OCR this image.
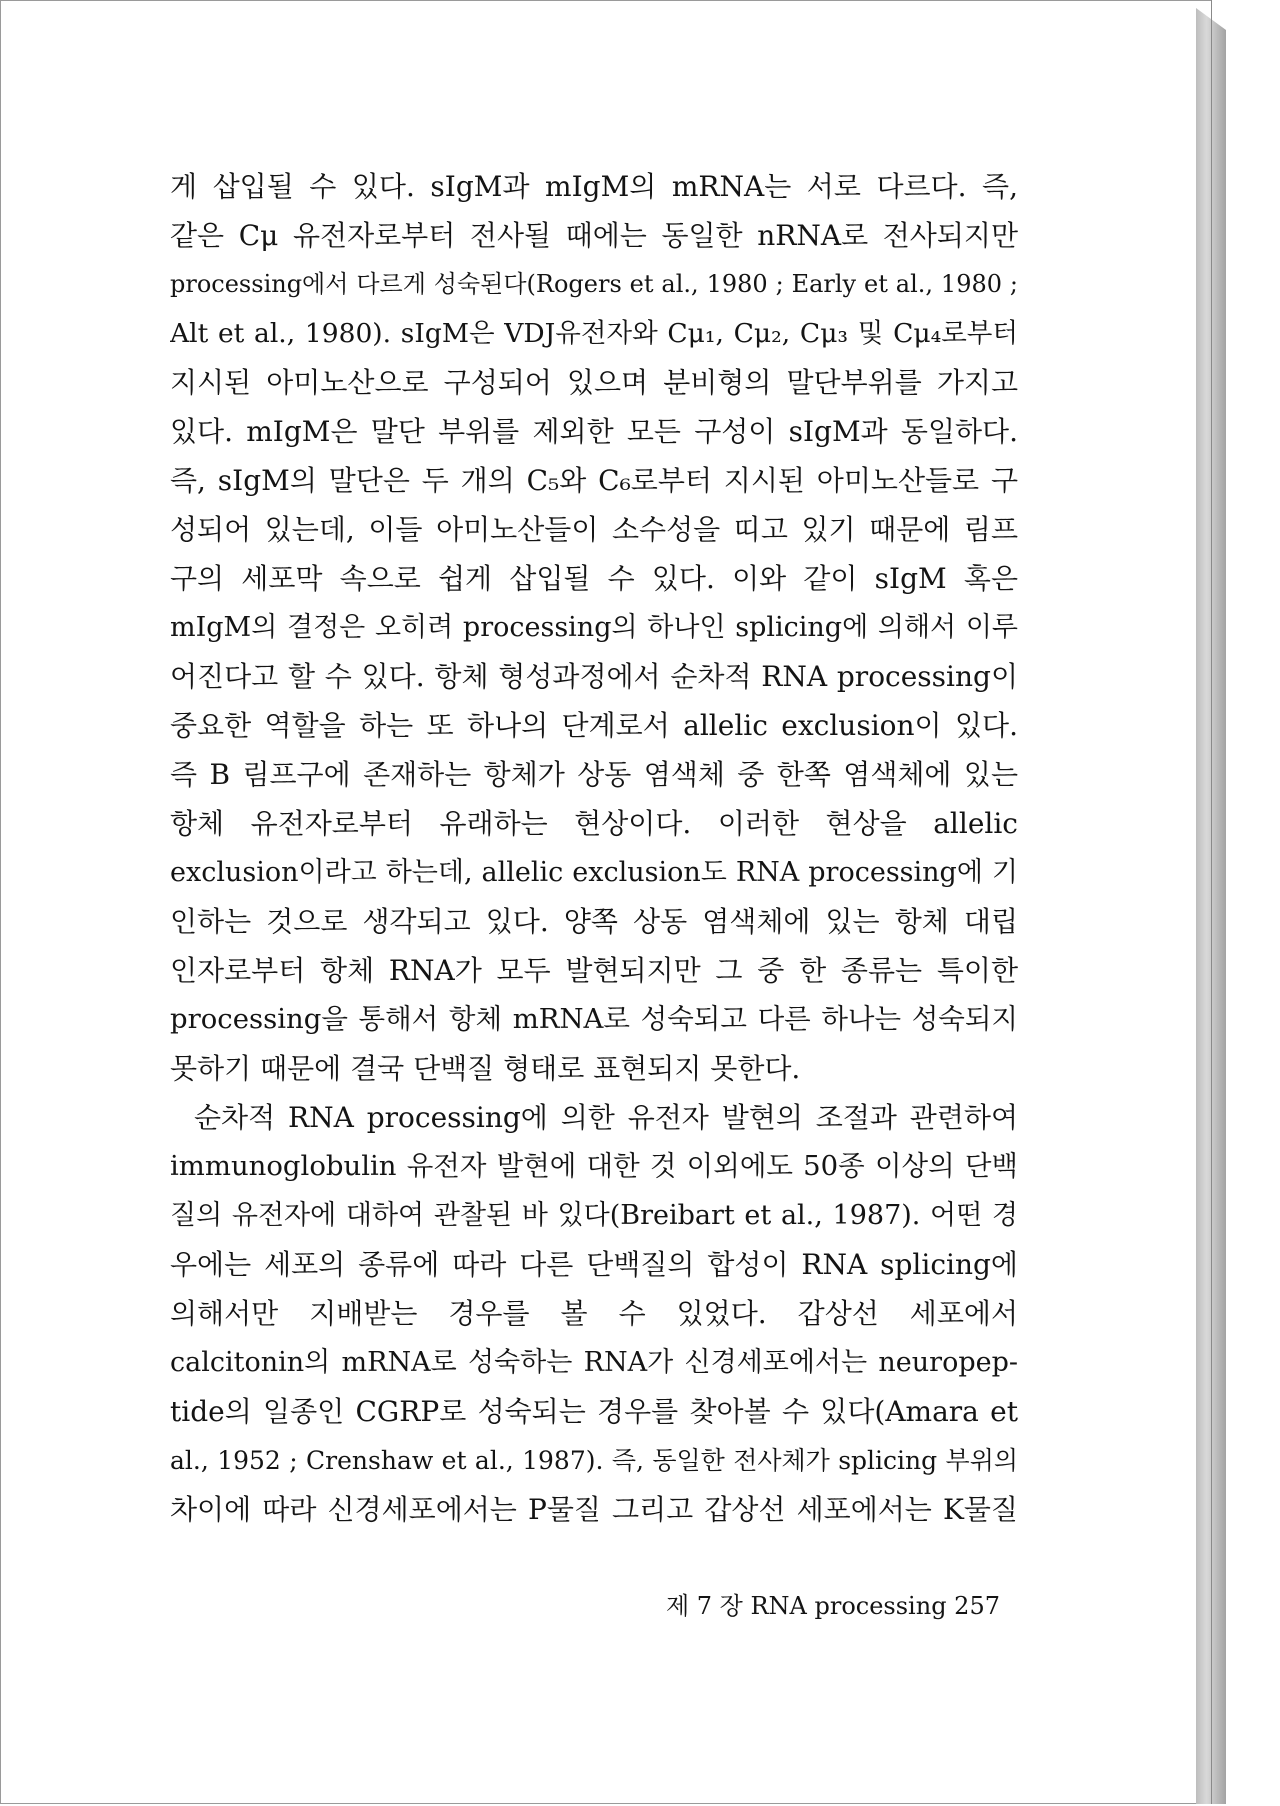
게 삽입될 수 있다. sIgM과 mIgM의 mRNA는 서로 다르다. 즉,
같은 Cμ 유전자로부터 전사될 때에는 동일한 nRNA로 전사되지만
processing에서 다르게 성숙된다(Rogers et al., 1980 ; Early et al., 1980 ;
Alt et al., 1980). sIgM은 VDJ유전자와 Cμ₁, Cμ₂, Cμ₃ 및 Cμ₄로부터
지시된 아미노산으로 구성되어 있으며 분비형의 말단부위를 가지고
있다. mIgM은 말단 부위를 제외한 모든 구성이 sIgM과 동일하다.
즉, sIgM의 말단은 두 개의 C₅와 C₆로부터 지시된 아미노산들로 구
성되어 있는데, 이들 아미노산들이 소수성을 띠고 있기 때문에 림프
구의 세포막 속으로 쉽게 삽입될 수 있다. 이와 같이 sIgM 혹은
mIgM의 결정은 오히려 processing의 하나인 splicing에 의해서 이루
어진다고 할 수 있다. 항체 형성과정에서 순차적 RNA processing이
중요한 역할을 하는 또 하나의 단계로서 allelic exclusion이 있다.
즉 B 림프구에 존재하는 항체가 상동 염색체 중 한쪽 염색체에 있는
항체 유전자로부터 유래하는 현상이다. 이러한 현상을 allelic
exclusion이라고 하는데, allelic exclusion도 RNA processing에 기
인하는 것으로 생각되고 있다. 양쪽 상동 염색체에 있는 항체 대립
인자로부터 항체 RNA가 모두 발현되지만 그 중 한 종류는 특이한
processing을 통해서 항체 mRNA로 성숙되고 다른 하나는 성숙되지
못하기 때문에 결국 단백질 형태로 표현되지 못한다.
순차적 RNA processing에 의한 유전자 발현의 조절과 관련하여
immunoglobulin 유전자 발현에 대한 것 이외에도 50종 이상의 단백
질의 유전자에 대하여 관찰된 바 있다(Breibart et al., 1987). 어떤 경
우에는 세포의 종류에 따라 다른 단백질의 합성이 RNA splicing에
의해서만 지배받는 경우를 볼 수 있었다. 갑상선 세포에서
calcitonin의 mRNA로 성숙하는 RNA가 신경세포에서는 neuropep-
tide의 일종인 CGRP로 성숙되는 경우를 찾아볼 수 있다(Amara et
al., 1952 ; Crenshaw et al., 1987). 즉, 동일한 전사체가 splicing 부위의
차이에 따라 신경세포에서는 P물질 그리고 갑상선 세포에서는 K물질
제 7 장 RNA processing 257
